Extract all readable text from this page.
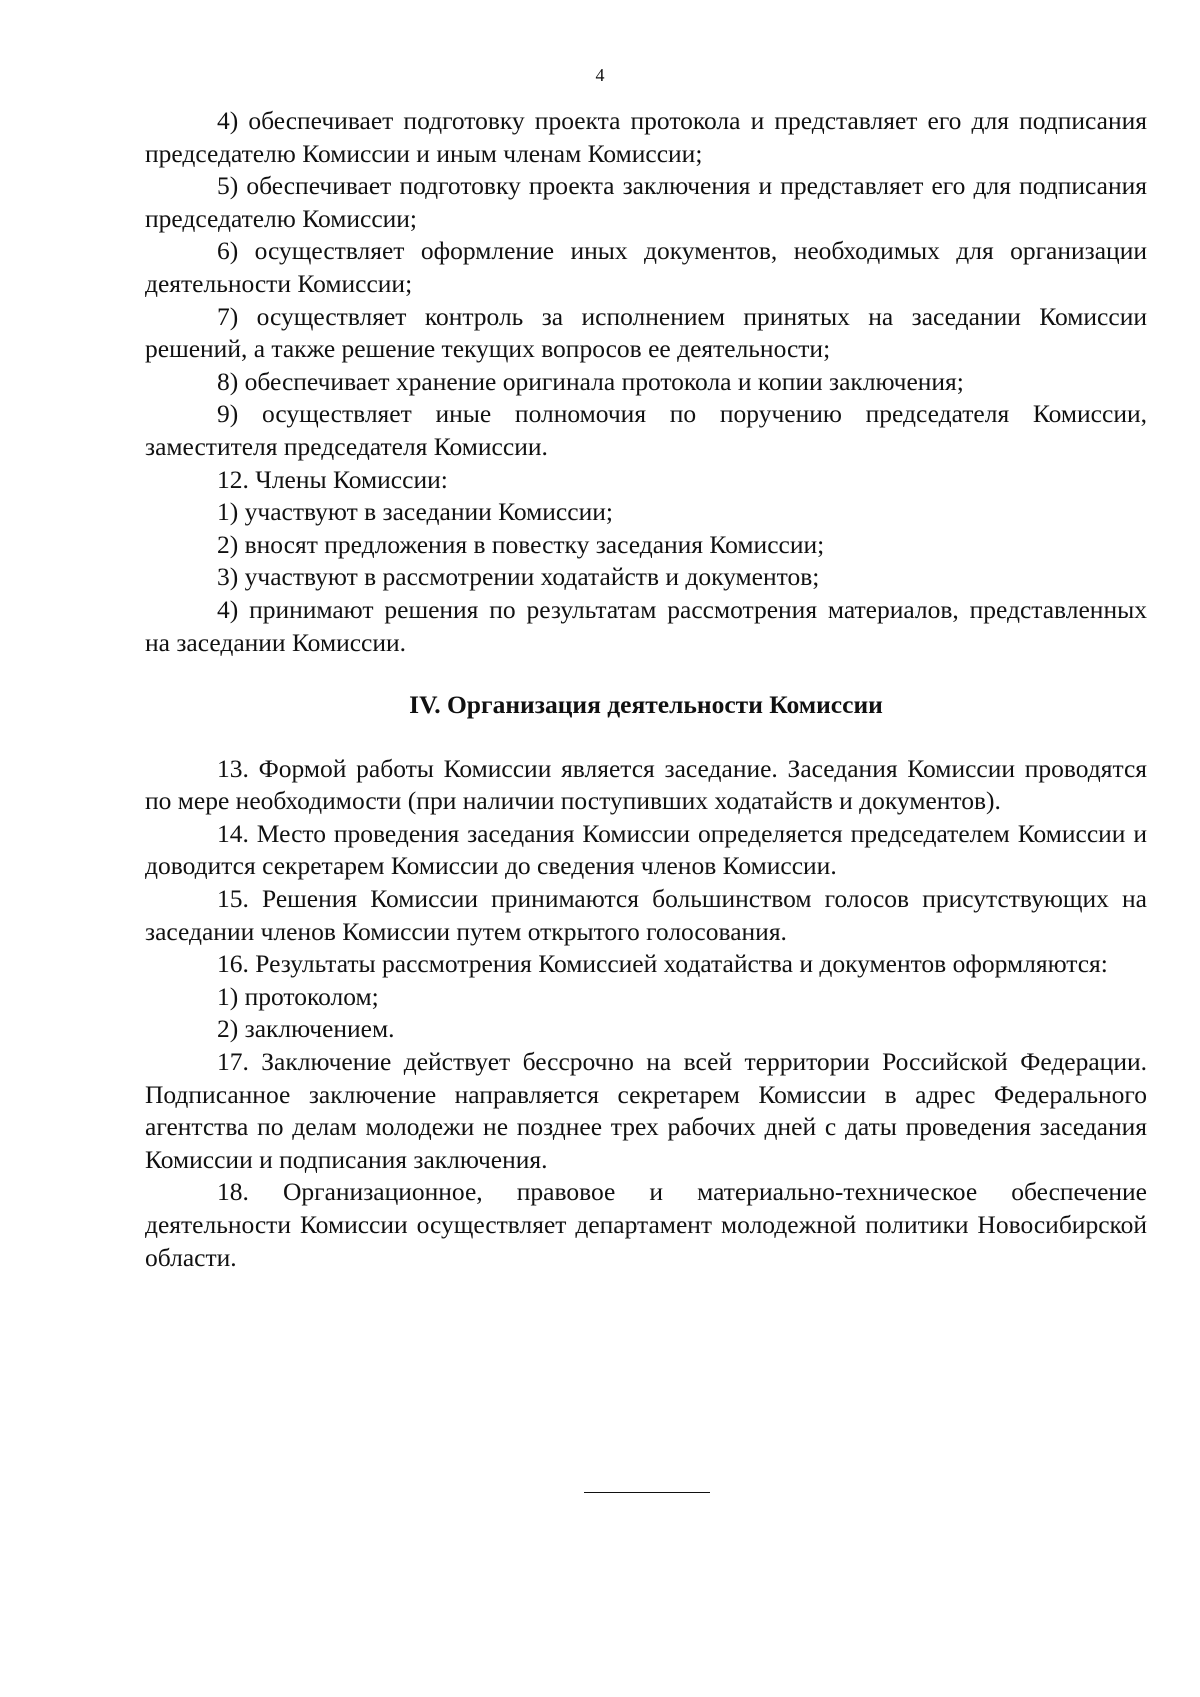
4

4) обеспечивает подготовку проекта протокола и представляет его для подписания председателю Комиссии и иным членам Комиссии;

5) обеспечивает подготовку проекта заключения и представляет его для подписания председателю Комиссии;

6) осуществляет оформление иных документов, необходимых для организации деятельности Комиссии;

7) осуществляет контроль за исполнением принятых на заседании Комиссии решений, а также решение текущих вопросов ее деятельности;

8) обеспечивает хранение оригинала протокола и копии заключения;

9) осуществляет иные полномочия по поручению председателя Комиссии, заместителя председателя Комиссии.

12. Члены Комиссии:

1) участвуют в заседании Комиссии;

2) вносят предложения в повестку заседания Комиссии;

3) участвуют в рассмотрении ходатайств и документов;

4) принимают решения по результатам рассмотрения материалов, представленных на заседании Комиссии.

IV. Организация деятельности Комиссии

13. Формой работы Комиссии является заседание. Заседания Комиссии проводятся по мере необходимости (при наличии поступивших ходатайств и документов).

14. Место проведения заседания Комиссии определяется председателем Комиссии и доводится секретарем Комиссии до сведения членов Комиссии.

15. Решения Комиссии принимаются большинством голосов присутствующих на заседании членов Комиссии путем открытого голосования.

16. Результаты рассмотрения Комиссией ходатайства и документов оформляются:

1) протоколом;

2) заключением.

17. Заключение действует бессрочно на всей территории Российской Федерации. Подписанное заключение направляется секретарем Комиссии в адрес Федерального агентства по делам молодежи не позднее трех рабочих дней с даты проведения заседания Комиссии и подписания заключения.

18. Организационное, правовое и материально-техническое обеспечение деятельности Комиссии осуществляет департамент молодежной политики Новосибирской области.
